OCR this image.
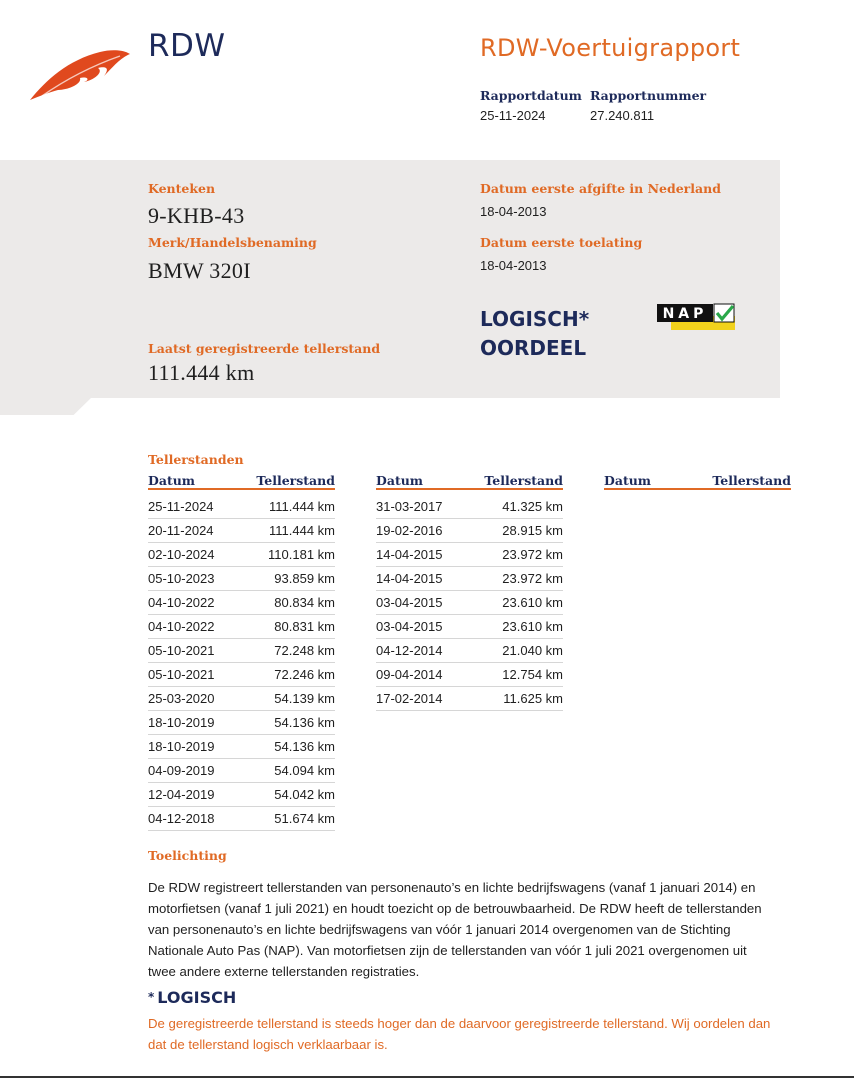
RDW	RDW-Voertuigrapport
Rapportdatum
25-11-2024
Rapportnummer
27.240.811
Kenteken
9-KHB-43
Merk/Handelsbenaming
BMW 320I
Datum eerste afgifte in Nederland
18-04-2013
Datum eerste toelating
18-04-2013
Laatst geregistreerde tellerstand
111.444 km
LOGISCH*
OORDEEL
NAP
Tellerstanden
Datum	Tellerstand
25-11-2024	111.444 km
20-11-2024	111.444 km
02-10-2024	110.181 km
05-10-2023	93.859 km
04-10-2022	80.834 km
04-10-2022	80.831 km
05-10-2021	72.248 km
05-10-2021	72.246 km
25-03-2020	54.139 km
18-10-2019	54.136 km
18-10-2019	54.136 km
04-09-2019	54.094 km
12-04-2019	54.042 km
04-12-2018	51.674 km
Datum	Tellerstand
31-03-2017	41.325 km
19-02-2016	28.915 km
14-04-2015	23.972 km
14-04-2015	23.972 km
03-04-2015	23.610 km
03-04-2015	23.610 km
04-12-2014	21.040 km
09-04-2014	12.754 km
17-02-2014	11.625 km
Datum	Tellerstand
Toelichting
De RDW registreert tellerstanden van personenauto’s en lichte bedrijfswagens (vanaf 1 januari 2014) en
motorfietsen (vanaf 1 juli 2021) en houdt toezicht op de betrouwbaarheid. De RDW heeft de tellerstanden
van personenauto’s en lichte bedrijfswagens van vóór 1 januari 2014 overgenomen van de Stichting
Nationale Auto Pas (NAP). Van motorfietsen zijn de tellerstanden van vóór 1 juli 2021 overgenomen uit
twee andere externe tellerstanden registraties.
* LOGISCH
De geregistreerde tellerstand is steeds hoger dan de daarvoor geregistreerde tellerstand. Wij oordelen dan
dat de tellerstand logisch verklaarbaar is.
